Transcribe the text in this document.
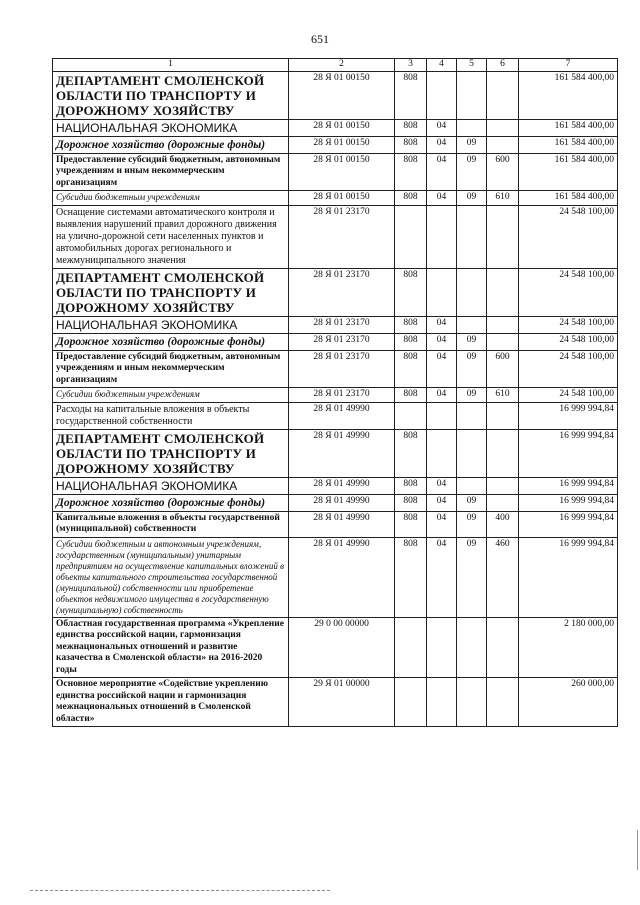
651
1	2	3	4	5	6	7
ДЕПАРТАМЕНТ СМОЛЕНСКОЙ ОБЛАСТИ ПО ТРАНСПОРТУ И ДОРОЖНОМУ ХОЗЯЙСТВУ	28 Я 01 00150	808				161 584 400,00
НАЦИОНАЛЬНАЯ ЭКОНОМИКА	28 Я 01 00150	808	04			161 584 400,00
Дорожное хозяйство (дорожные фонды)	28 Я 01 00150	808	04	09		161 584 400,00
Предоставление субсидий бюджетным, автономным учреждениям и иным некоммерческим организациям	28 Я 01 00150	808	04	09	600	161 584 400,00
Субсидии бюджетным учреждениям	28 Я 01 00150	808	04	09	610	161 584 400,00
Оснащение системами автоматического контроля и выявления нарушений правил дорожного движения на улично-дорожной сети населенных пунктов и автомобильных дорогах регионального и межмуниципального значения	28 Я 01 23170					24 548 100,00
ДЕПАРТАМЕНТ СМОЛЕНСКОЙ ОБЛАСТИ ПО ТРАНСПОРТУ И ДОРОЖНОМУ ХОЗЯЙСТВУ	28 Я 01 23170	808				24 548 100,00
НАЦИОНАЛЬНАЯ ЭКОНОМИКА	28 Я 01 23170	808	04			24 548 100,00
Дорожное хозяйство (дорожные фонды)	28 Я 01 23170	808	04	09		24 548 100,00
Предоставление субсидий бюджетным, автономным учреждениям и иным некоммерческим организациям	28 Я 01 23170	808	04	09	600	24 548 100,00
Субсидии бюджетным учреждениям	28 Я 01 23170	808	04	09	610	24 548 100,00
Расходы на капитальные вложения в объекты государственной собственности	28 Я 01 49990					16 999 994,84
ДЕПАРТАМЕНТ СМОЛЕНСКОЙ ОБЛАСТИ ПО ТРАНСПОРТУ И ДОРОЖНОМУ ХОЗЯЙСТВУ	28 Я 01 49990	808				16 999 994,84
НАЦИОНАЛЬНАЯ ЭКОНОМИКА	28 Я 01 49990	808	04			16 999 994,84
Дорожное хозяйство (дорожные фонды)	28 Я 01 49990	808	04	09		16 999 994,84
Капитальные вложения в объекты государственной (муниципальной) собственности	28 Я 01 49990	808	04	09	400	16 999 994,84
Субсидии бюджетным и автономным учреждениям, государственным (муниципальным) унитарным предприятиям на осуществление капитальных вложений в объекты капитального строительства государственной (муниципальной) собственности или приобретение объектов недвижимого имущества в государственную (муниципальную) собственность	28 Я 01 49990	808	04	09	460	16 999 994,84
Областная государственная программа «Укрепление единства российской нации, гармонизация межнациональных отношений и развитие казачества в Смоленской области» на 2016-2020 годы	29 0 00 00000					2 180 000,00
Основное мероприятие «Содействие укреплению единства российской нации и гармонизация межнациональных отношений в Смоленской области»	29 Я 01 00000					260 000,00
